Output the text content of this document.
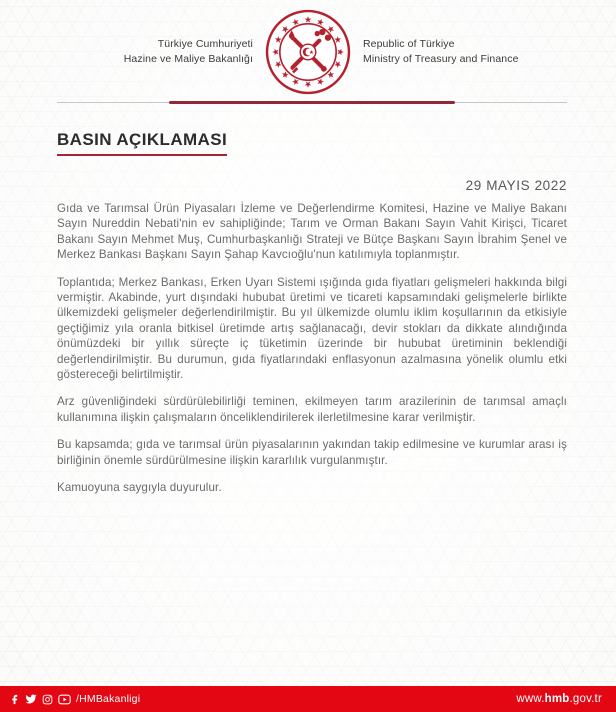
Türkiye Cumhuriyeti
Hazine ve Maliye Bakanlığı
Republic of Türkiye
Ministry of Treasury and Finance
BASIN AÇIKLAMASI
29 MAYIS 2022

Gıda ve Tarımsal Ürün Piyasaları İzleme ve Değerlendirme Komitesi, Hazine ve Maliye Bakanı Sayın Nureddin Nebati'nin ev sahipliğinde; Tarım ve Orman Bakanı Sayın Vahit Kirişci, Ticaret Bakanı Sayın Mehmet Muş, Cumhurbaşkanlığı Strateji ve Bütçe Başkanı Sayın İbrahim Şenel ve Merkez Bankası Başkanı Sayın Şahap Kavcıoğlu'nun katılımıyla toplanmıştır.

Toplantıda; Merkez Bankası, Erken Uyarı Sistemi ışığında gıda fiyatları gelişmeleri hakkında bilgi vermiştir. Akabinde, yurt dışındaki hububat üretimi ve ticareti kapsamındaki gelişmelerle birlikte ülkemizdeki gelişmeler değerlendirilmiştir. Bu yıl ülkemizde olumlu iklim koşullarının da etkisiyle geçtiğimiz yıla oranla bitkisel üretimde artış sağlanacağı, devir stokları da dikkate alındığında önümüzdeki bir yıllık süreçte iç tüketimin üzerinde bir hububat üretiminin beklendiği değerlendirilmiştir. Bu durumun, gıda fiyatlarındaki enflasyonun azalmasına yönelik olumlu etki göstereceği belirtilmiştir.

Arz güvenliğindeki sürdürülebilirliği teminen, ekilmeyen tarım arazilerinin de tarımsal amaçlı kullanımına ilişkin çalışmaların önceliklendirilerek ilerletilmesine karar verilmiştir.

Bu kapsamda; gıda ve tarımsal ürün piyasalarının yakından takip edilmesine ve kurumlar arası iş birliğinin önemle sürdürülmesine ilişkin kararlılık vurgulanmıştır.

Kamuoyuna saygıyla duyurulur.

/HMBakanligi	www.hmb.gov.tr
